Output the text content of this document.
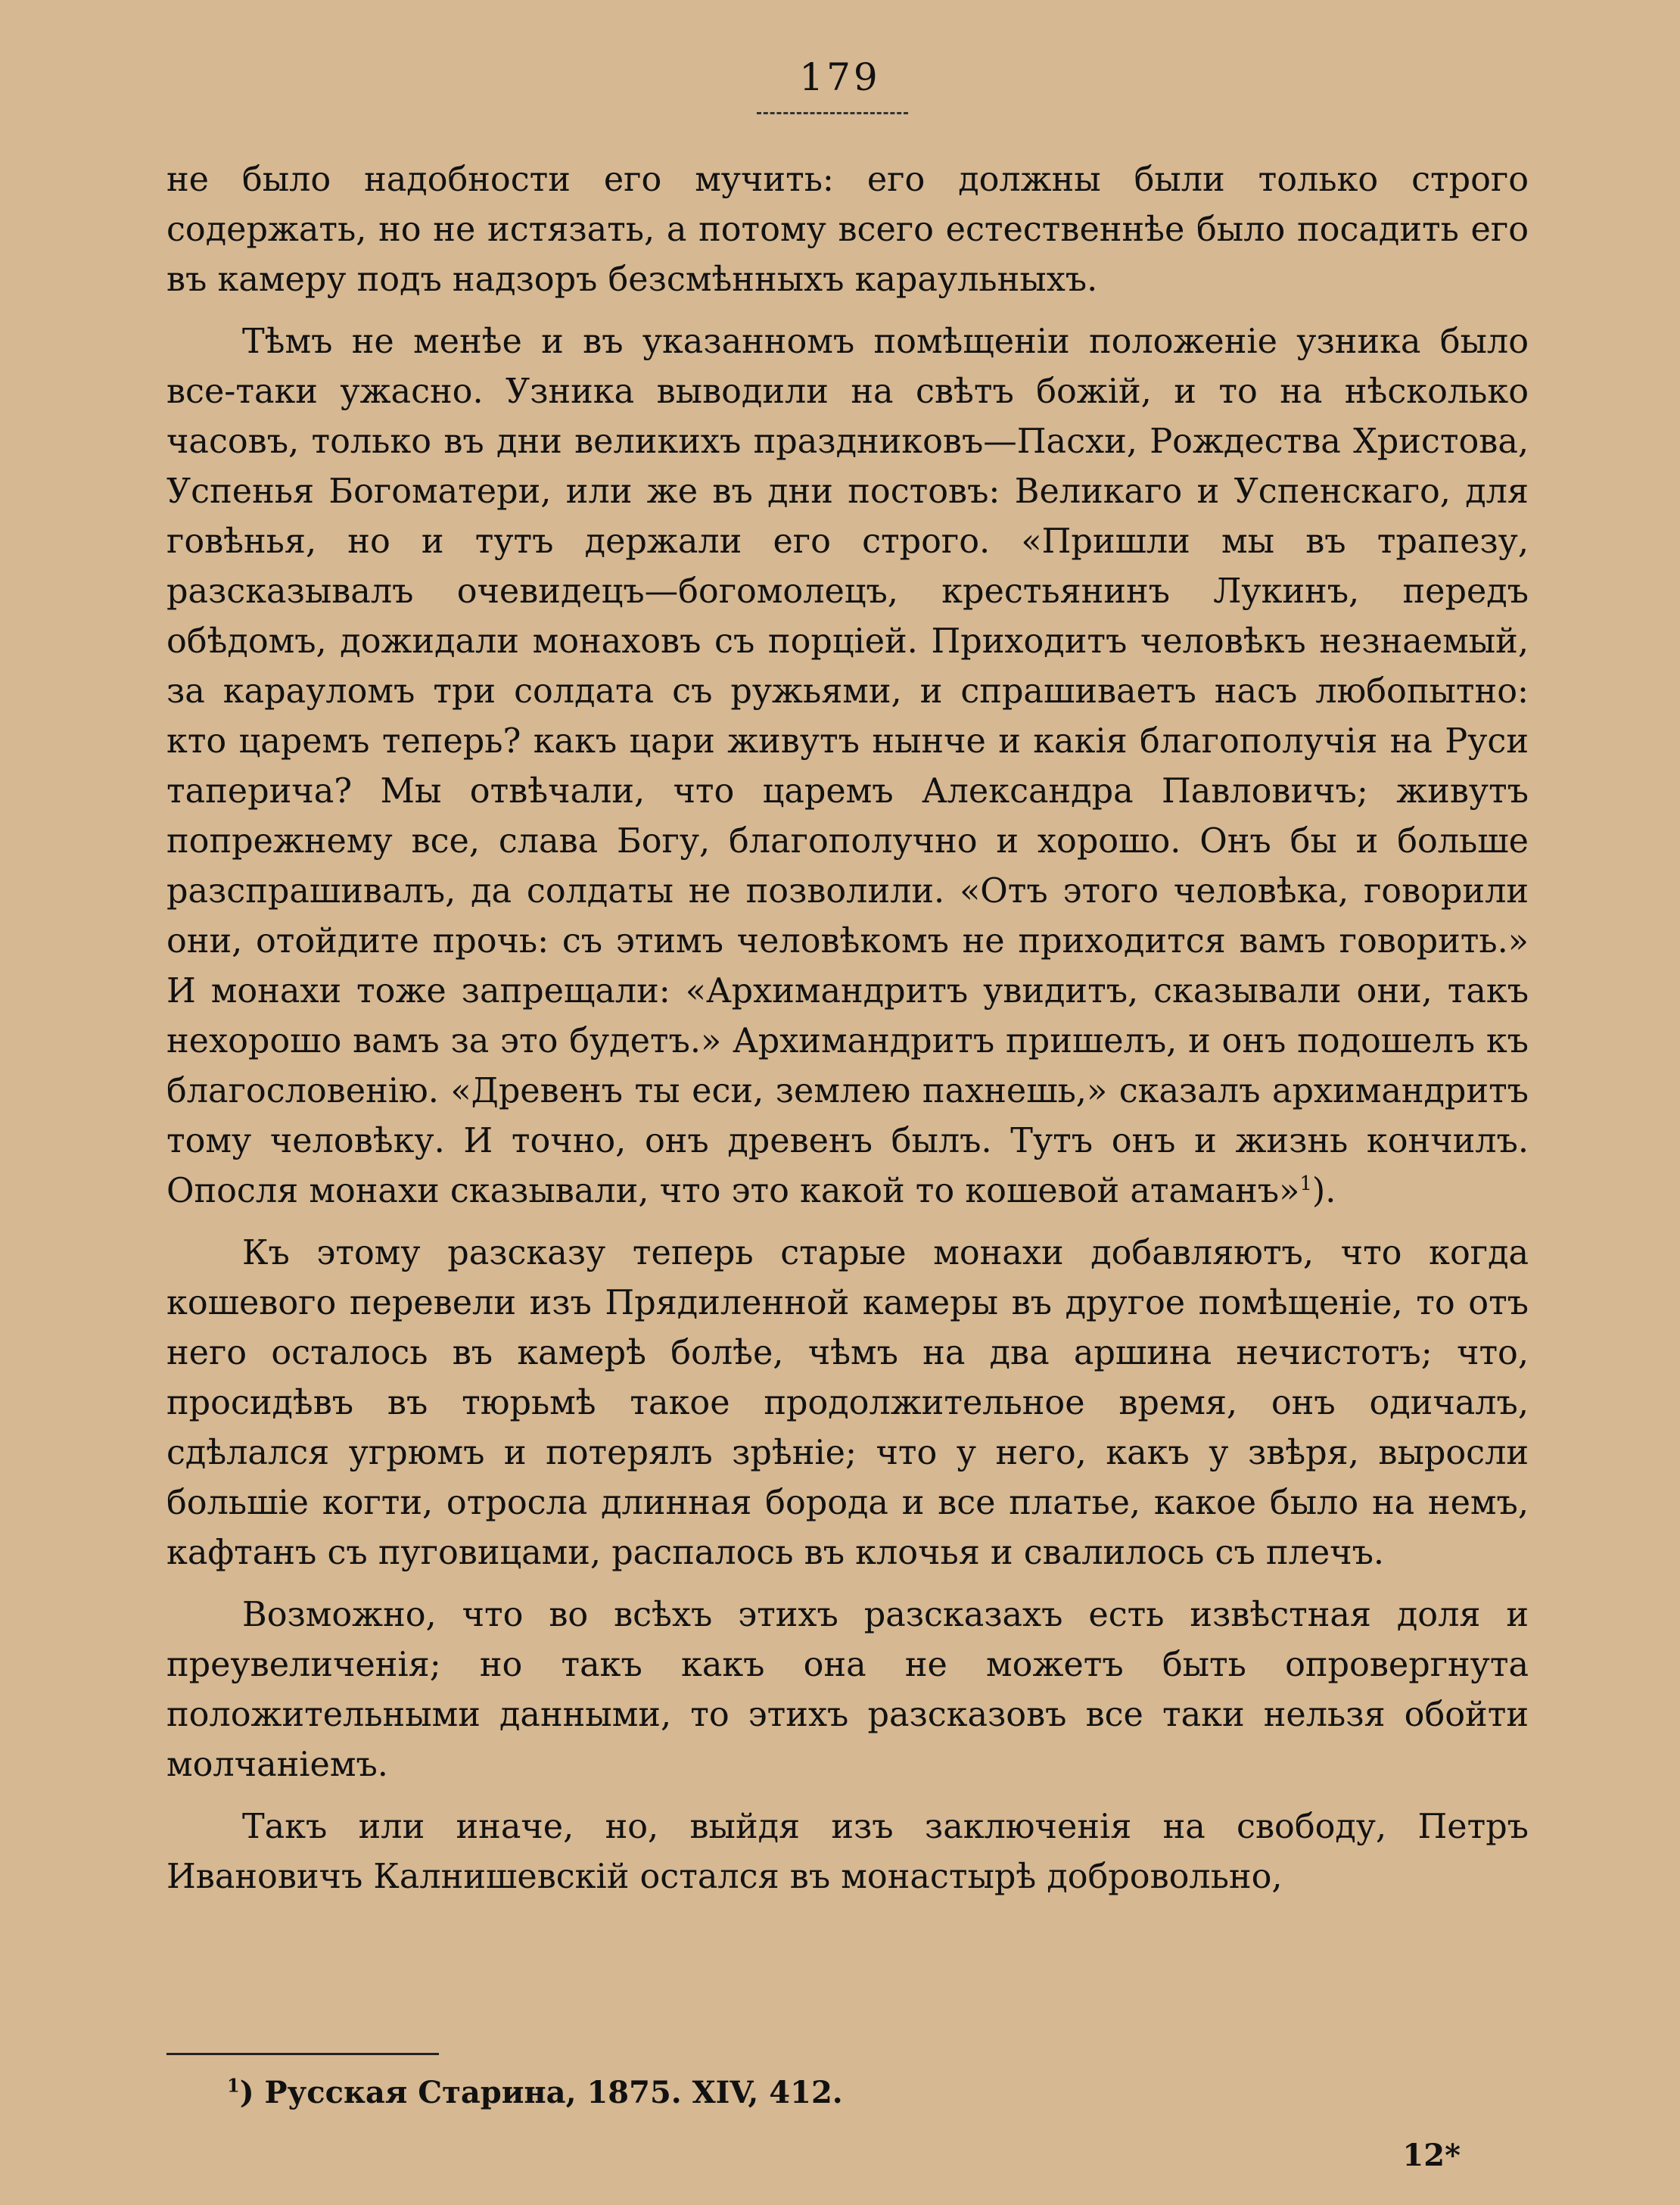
179

не было надобности его мучить: его должны были только строго содержать, но не истязать, а потому всего естественнѣе было посадить его въ камеру подъ надзоръ безсмѣнныхъ караульныхъ.

Тѣмъ не менѣе и въ указанномъ помѣщеніи положеніе узника было все-таки ужасно. Узника выводили на свѣтъ божій, и то на нѣсколько часовъ, только въ дни великихъ праздниковъ—Пасхи, Рождества Христова, Успенья Богоматери, или же въ дни постовъ: Великаго и Успенскаго, для говѣнья, но и тутъ держали его строго. «Пришли мы въ трапезу, разсказывалъ очевидецъ—богомолецъ, крестьянинъ Лукинъ, передъ обѣдомъ, дожидали монаховъ съ порціей. Приходитъ человѣкъ незнаемый, за карауломъ три солдата съ ружьями, и спрашиваетъ насъ любопытно: кто царемъ теперь? какъ цари живутъ нынче и какія благополучія на Руси таперича? Мы отвѣчали, что царемъ Александра Павловичъ; живутъ попрежнему все, слава Богу, благополучно и хорошо. Онъ бы и больше разспрашивалъ, да солдаты не позволили. «Отъ этого человѣка, говорили они, отойдите прочь: съ этимъ человѣкомъ не приходится вамъ говорить.» И монахи тоже запрещали: «Архимандритъ увидитъ, сказывали они, такъ нехорошо вамъ за это будетъ.» Архимандритъ пришелъ, и онъ подошелъ къ благословенію. «Древенъ ты еси, землею пахнешь,» сказалъ архимандритъ тому человѣку. И точно, онъ древенъ былъ. Тутъ онъ и жизнь кончилъ. Опосля монахи сказывали, что это какой то кошевой атаманъ»$^1$).

Къ этому разсказу теперь старые монахи добавляютъ, что когда кошевого перевели изъ Прядиленной камеры въ другое помѣщеніе, то отъ него осталось въ камерѣ болѣе, чѣмъ на два аршина нечистотъ; что, просидѣвъ въ тюрьмѣ такое продолжительное время, онъ одичалъ, сдѣлался угрюмъ и потерялъ зрѣніе; что у него, какъ у звѣря, выросли большіе когти, отросла длинная борода и все платье, какое было на немъ, кафтанъ съ пуговицами, распалось въ клочья и свалилось съ плечъ.

Возможно, что во всѣхъ этихъ разсказахъ есть извѣстная доля и преувеличенія; но такъ какъ она не можетъ быть опровергнута положительными данными, то этихъ разсказовъ все таки нельзя обойти молчаніемъ.

Такъ или иначе, но, выйдя изъ заключенія на свободу, Петръ Ивановичъ Калнишевскій остался въ монастырѣ добровольно,

$^1$) Русская Старина, 1875. XIV, 412.
12*
